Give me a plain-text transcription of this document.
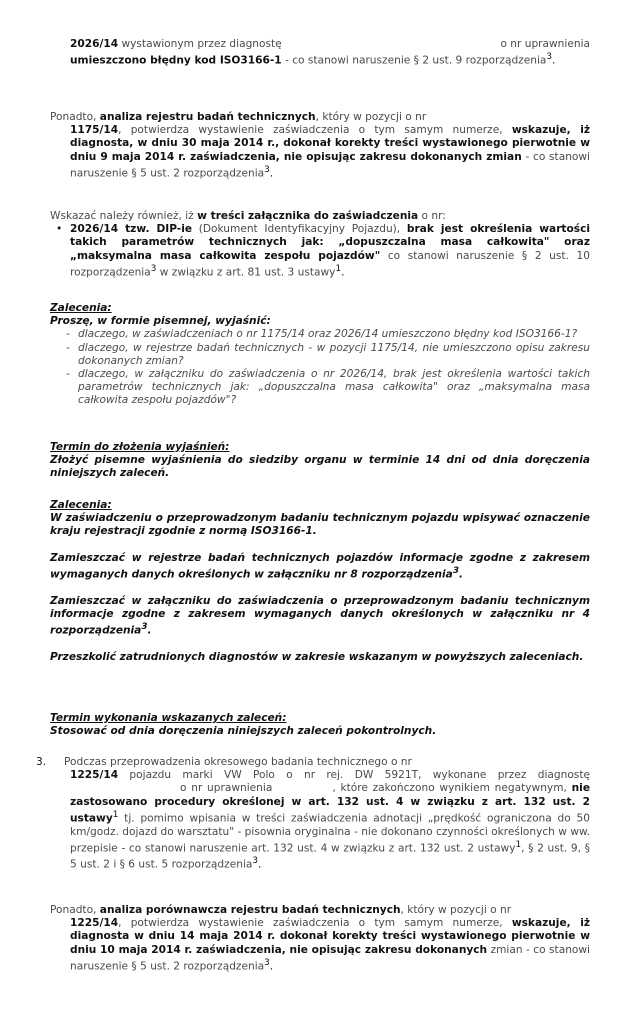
2026/14 wystawionym przez diagnostę	o nr uprawnienia

umieszczono błędny kod ISO3166-1 - co stanowi naruszenie § 2 ust. 9 rozporządzenia$^3$.

Ponadto, analiza rejestru badań technicznych, który w pozycji o nr

1175/14, potwierdza wystawienie zaświadczenia o tym samym numerze, wskazuje, iż diagnosta, w dniu 30 maja 2014 r., dokonał korekty treści wystawionego pierwotnie w dniu 9 maja 2014 r. zaświadczenia, nie opisując zakresu dokonanych zmian - co stanowi naruszenie § 5 ust. 2 rozporządzenia$^3$.

Wskazać należy również, iż w treści załącznika do zaświadczenia o nr:

• 2026/14 tzw. DIP-ie (Dokument Identyfikacyjny Pojazdu), brak jest określenia wartości takich parametrów technicznych jak: „dopuszczalna masa całkowita" oraz „maksymalna masa całkowita zespołu pojazdów" co stanowi naruszenie § 2 ust. 10 rozporządzenia$^3$ w związku z art. 81 ust. 3 ustawy$^1$.

Zalecenia:

Proszę, w formie pisemnej, wyjaśnić:

- dlaczego, w zaświadczeniach o nr 1175/14 oraz 2026/14 umieszczono błędny kod ISO3166-1?

- dlaczego, w rejestrze badań technicznych - w pozycji 1175/14, nie umieszczono opisu zakresu dokonanych zmian?

- dlaczego, w załączniku do zaświadczenia o nr 2026/14, brak jest określenia wartości takich parametrów technicznych jak: „dopuszczalna masa całkowita" oraz „maksymalna masa całkowita zespołu pojazdów"?

Termin do złożenia wyjaśnień:

Złożyć pisemne wyjaśnienia do siedziby organu w terminie 14 dni od dnia doręczenia niniejszych zaleceń.

Zalecenia:

W zaświadczeniu o przeprowadzonym badaniu technicznym pojazdu wpisywać oznaczenie kraju rejestracji zgodnie z normą ISO3166-1.

Zamieszczać w rejestrze badań technicznych pojazdów informacje zgodne z zakresem wymaganych danych określonych w załączniku nr 8 rozporządzenia$^3$.

Zamieszczać w załączniku do zaświadczenia o przeprowadzonym badaniu technicznym informacje zgodne z zakresem wymaganych danych określonych w załączniku nr 4 rozporządzenia$^3$.

Przeszkolić zatrudnionych diagnostów w zakresie wskazanym w powyższych zaleceniach.

Termin wykonania wskazanych zaleceń:

Stosować od dnia doręczenia niniejszych zaleceń pokontrolnych.

3. Podczas przeprowadzenia okresowego badania technicznego o nr

1225/14 pojazdu marki VW Polo o nr rej. DW 5921T, wykonane przez diagnostęo nr uprawnienia	, które zakończono wynikiem negatywnym, nie zastosowano procedury określonej w art. 132 ust. 4 w związku z art. 132 ust. 2 ustawy$^1$ tj. pomimo wpisania w treści zaświadczenia adnotacji „prędkość ograniczona do 50 km/godz. dojazd do warsztatu" - pisownia oryginalna - nie dokonano czynności określonych w ww. przepisie - co stanowi naruszenie art. 132 ust. 4 w związku z art. 132 ust. 2 ustawy$^1$, § 2 ust. 9, § 5 ust. 2 i § 6 ust. 5 rozporządzenia$^3$.

Ponadto, analiza porównawcza rejestru badań technicznych, który w pozycji o nr

1225/14, potwierdza wystawienie zaświadczenia o tym samym numerze, wskazuje, iż diagnosta w dniu 14 maja 2014 r. dokonał korekty treści wystawionego pierwotnie w dniu 10 maja 2014 r. zaświadczenia, nie opisując zakresu dokonanych zmian - co stanowi naruszenie § 5 ust. 2 rozporządzenia$^3$.
